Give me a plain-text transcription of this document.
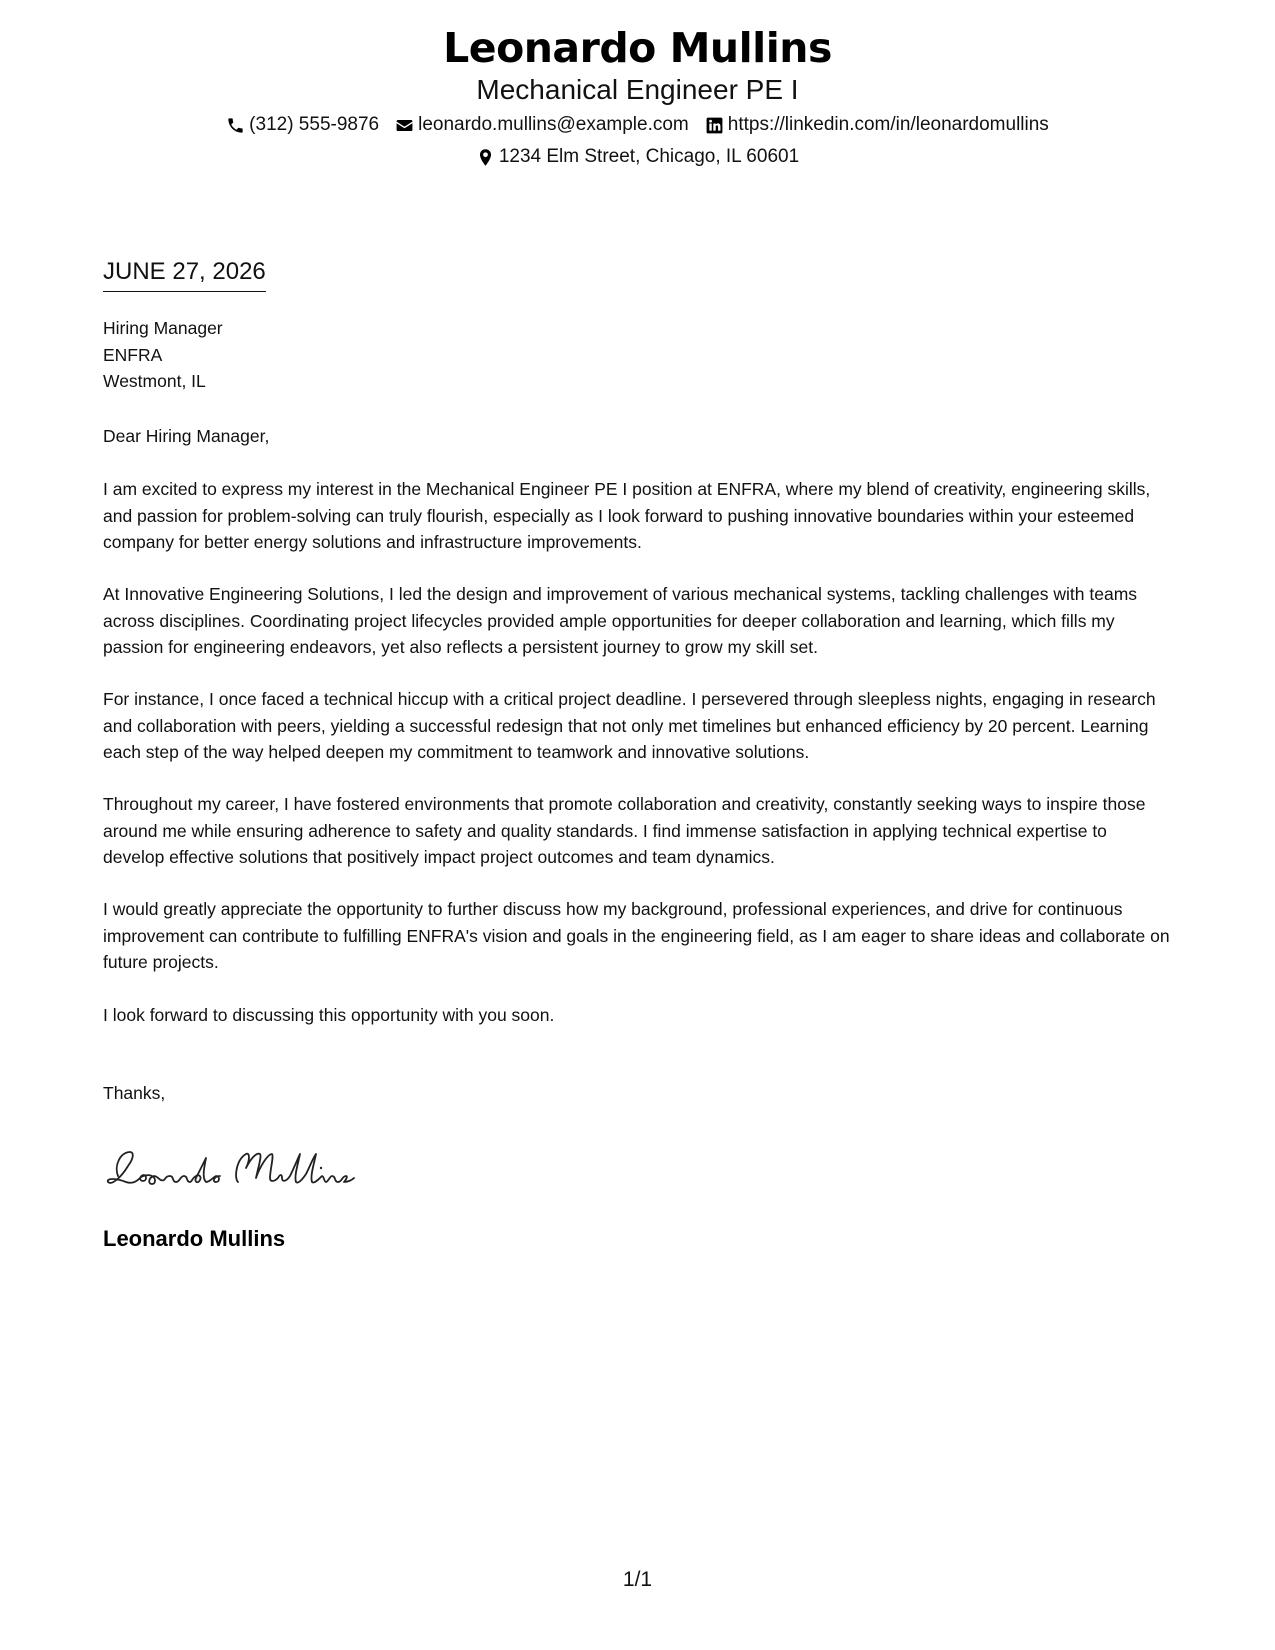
Leonardo Mullins
Mechanical Engineer PE I
(312) 555-9876 leonardo.mullins@example.com https://linkedin.com/in/leonardomullins
1234 Elm Street, Chicago, IL 60601
JUNE 27, 2026
Hiring Manager
ENFRA
Westmont, IL
Dear Hiring Manager,
I am excited to express my interest in the Mechanical Engineer PE I position at ENFRA, where my blend of creativity, engineering skills, and passion for problem-solving can truly flourish, especially as I look forward to pushing innovative boundaries within your esteemed company for better energy solutions and infrastructure improvements.
At Innovative Engineering Solutions, I led the design and improvement of various mechanical systems, tackling challenges with teams across disciplines. Coordinating project lifecycles provided ample opportunities for deeper collaboration and learning, which fills my passion for engineering endeavors, yet also reflects a persistent journey to grow my skill set.
For instance, I once faced a technical hiccup with a critical project deadline. I persevered through sleepless nights, engaging in research and collaboration with peers, yielding a successful redesign that not only met timelines but enhanced efficiency by 20 percent. Learning each step of the way helped deepen my commitment to teamwork and innovative solutions.
Throughout my career, I have fostered environments that promote collaboration and creativity, constantly seeking ways to inspire those around me while ensuring adherence to safety and quality standards. I find immense satisfaction in applying technical expertise to develop effective solutions that positively impact project outcomes and team dynamics.
I would greatly appreciate the opportunity to further discuss how my background, professional experiences, and drive for continuous improvement can contribute to fulfilling ENFRA's vision and goals in the engineering field, as I am eager to share ideas and collaborate on future projects.
I look forward to discussing this opportunity with you soon.
Thanks,
Leonardo Mullins
1/1
